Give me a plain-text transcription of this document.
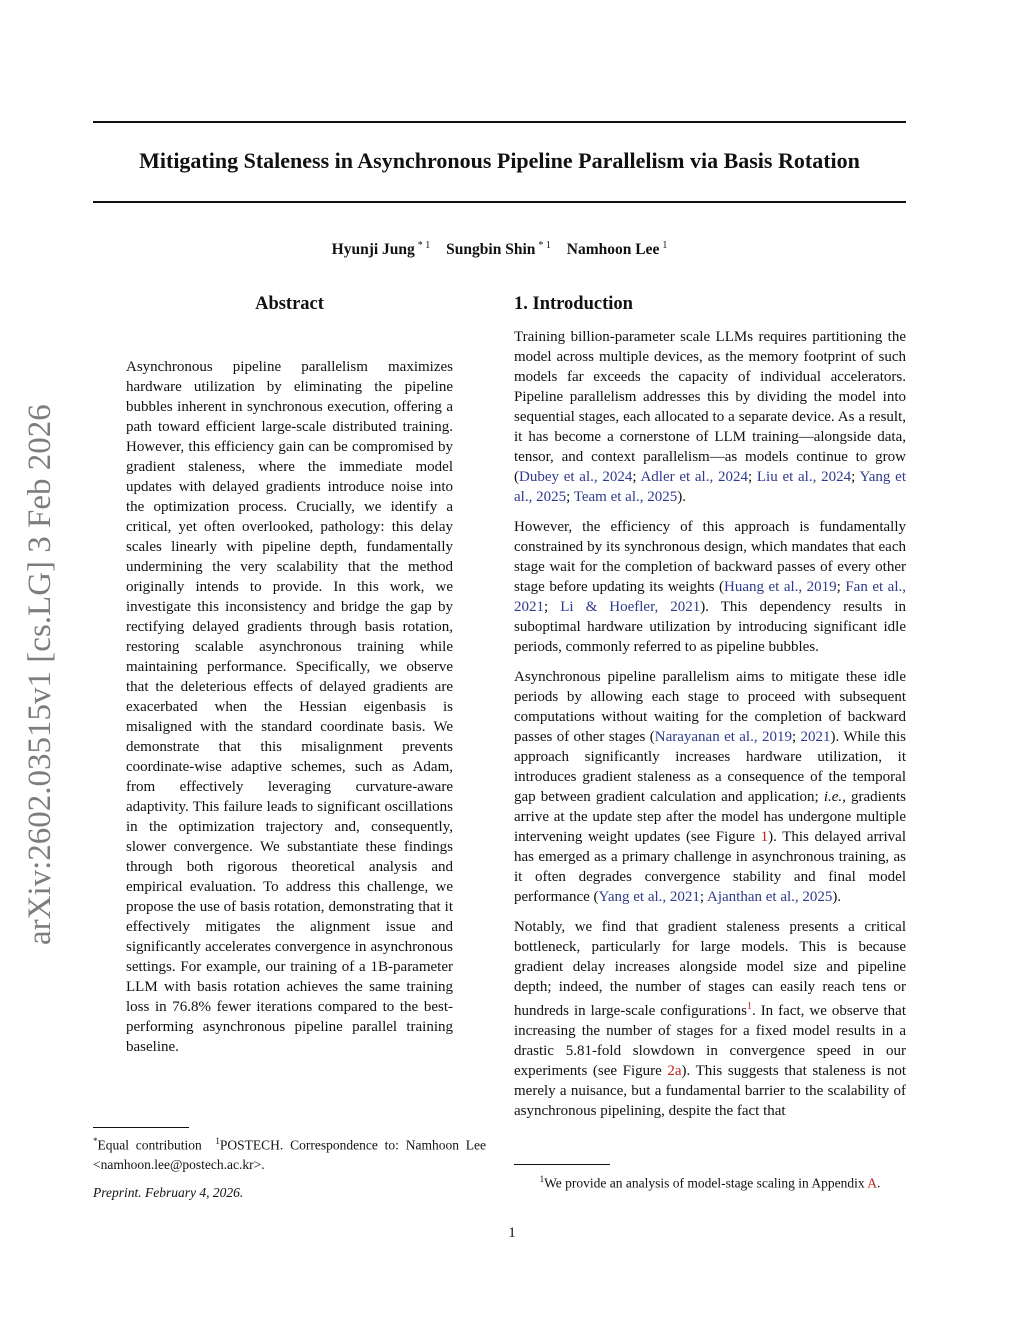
Mitigating Staleness in Asynchronous Pipeline Parallelism via Basis Rotation
Hyunji Jung $^{* 1}$ Sungbin Shin $^{* 1}$ Namhoon Lee $^1$
arXiv:2602.03515v1 [cs.LG] 3 Feb 2026
Abstract
Asynchronous pipeline parallelism maximizes hardware utilization by eliminating the pipeline bubbles inherent in synchronous execution, offering a path toward efficient large-scale distributed training. However, this efficiency gain can be compromised by gradient staleness, where the immediate model updates with delayed gradients introduce noise into the optimization process. Crucially, we identify a critical, yet often overlooked, pathology: this delay scales linearly with pipeline depth, fundamentally undermining the very scalability that the method originally intends to provide. In this work, we investigate this inconsistency and bridge the gap by rectifying delayed gradients through basis rotation, restoring scalable asynchronous training while maintaining performance. Specifically, we observe that the deleterious effects of delayed gradients are exacerbated when the Hessian eigenbasis is misaligned with the standard coordinate basis. We demonstrate that this misalignment prevents coordinate-wise adaptive schemes, such as Adam, from effectively leveraging curvature-aware adaptivity. This failure leads to significant oscillations in the optimization trajectory and, consequently, slower convergence. We substantiate these findings through both rigorous theoretical analysis and empirical evaluation. To address this challenge, we propose the use of basis rotation, demonstrating that it effectively mitigates the alignment issue and significantly accelerates convergence in asynchronous settings. For example, our training of a 1B-parameter LLM with basis rotation achieves the same training loss in 76.8% fewer iterations compared to the best-performing asynchronous pipeline parallel training baseline.
1. Introduction

Training billion-parameter scale LLMs requires partitioning the model across multiple devices, as the memory footprint of such models far exceeds the capacity of individual accelerators. Pipeline parallelism addresses this by dividing the model into sequential stages, each allocated to a separate device. As a result, it has become a cornerstone of LLM training—alongside data, tensor, and context parallelism—as models continue to grow (Dubey et al., 2024; Adler et al., 2024; Liu et al., 2024; Yang et al., 2025; Team et al., 2025).

However, the efficiency of this approach is fundamentally constrained by its synchronous design, which mandates that each stage wait for the completion of backward passes of every other stage before updating its weights (Huang et al., 2019; Fan et al., 2021; Li & Hoefler, 2021). This dependency results in suboptimal hardware utilization by introducing significant idle periods, commonly referred to as pipeline bubbles.

Asynchronous pipeline parallelism aims to mitigate these idle periods by allowing each stage to proceed with subsequent computations without waiting for the completion of backward passes of other stages (Narayanan et al., 2019; 2021). While this approach significantly increases hardware utilization, it introduces gradient staleness as a consequence of the temporal gap between gradient calculation and application; i.e., gradients arrive at the update step after the model has undergone multiple intervening weight updates (see Figure 1). This delayed arrival has emerged as a primary challenge in asynchronous training, as it often degrades convergence stability and final model performance (Yang et al., 2021; Ajanthan et al., 2025).

Notably, we find that gradient staleness presents a critical bottleneck, particularly for large models. This is because gradient delay increases alongside model size and pipeline depth; indeed, the number of stages can easily reach tens or hundreds in large-scale configurations$^1$. In fact, we observe that increasing the number of stages for a fixed model results in a drastic 5.81-fold slowdown in convergence speed in our experiments (see Figure 2a). This suggests that staleness is not merely a nuisance, but a fundamental barrier to the scalability of asynchronous pipelining, despite the fact that

*Equal contribution $^1$POSTECH. Correspondence to: Namhoon Lee <namhoon.lee@postech.ac.kr>.
Preprint. February 4, 2026.
$^1$We provide an analysis of model-stage scaling in Appendix A.
1
